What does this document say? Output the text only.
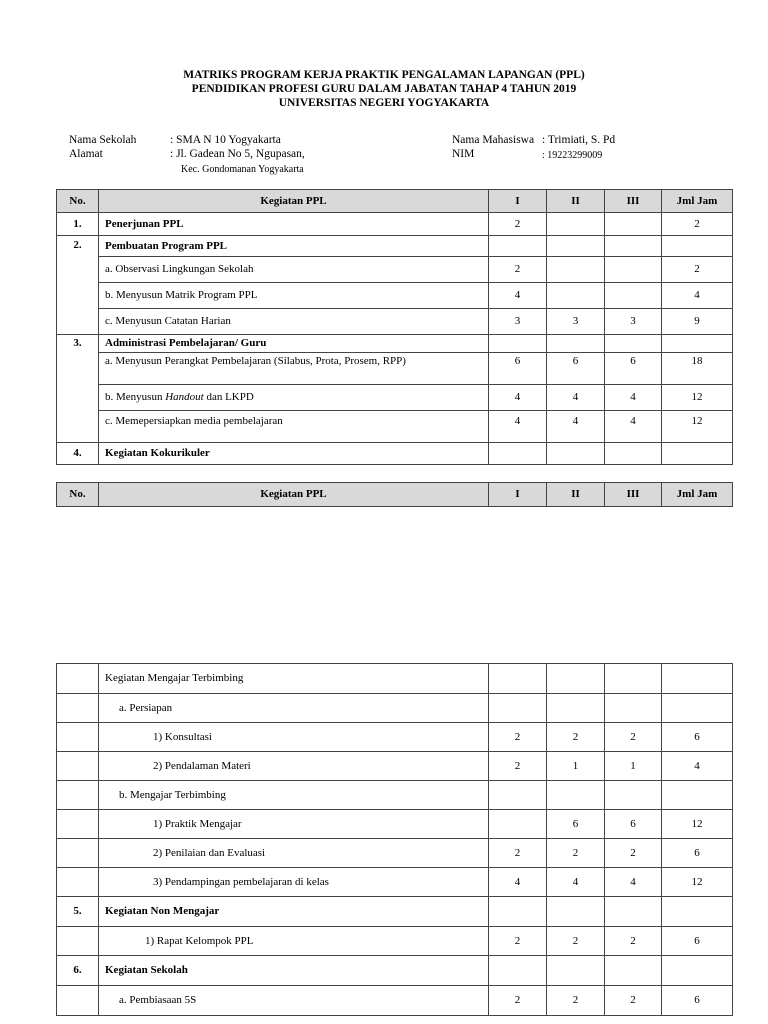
MATRIKS PROGRAM KERJA PRAKTIK PENGALAMAN LAPANGAN (PPL)
PENDIDIKAN PROFESI GURU DALAM JABATAN TAHAP 4 TAHUN 2019
UNIVERSITAS NEGERI YOGYAKARTA
Nama Sekolah	: SMA N 10 Yogyakarta
Alamat	: Jl. Gadean No 5, Ngupasan,
Kec. Gondomanan Yogyakarta
Nama Mahasiswa : Trimiati, S. Pd
NIM	: 19223299009
No.	Kegiatan PPL	I	II	III	Jml Jam
1.	Penerjunan PPL	2			2
2.	Pembuatan Program PPL				
	a. Observasi Lingkungan Sekolah	2			2
	b. Menyusun Matrik Program PPL	4			4
	c. Menyusun Catatan Harian	3	3	3	9
3.	Administrasi Pembelajaran/ Guru				
	a. Menyusun Perangkat Pembelajaran (Silabus, Prota, Prosem, RPP)	6	6	6	18
	b. Menyusun Handout dan LKPD	4	4	4	12
	c. Memepersiapkan media pembelajaran	4	4	4	12
4.	Kegiatan Kokurikuler				
No.	Kegiatan PPL	I	II	III	Jml Jam
	Kegiatan Mengajar Terbimbing				
	a. Persiapan				
	1) Konsultasi	2	2	2	6
	2) Pendalaman Materi	2	1	1	4
	b. Mengajar Terbimbing				
	1) Praktik Mengajar		6	6	12
	2) Penilaian dan Evaluasi	2	2	2	6
	3) Pendampingan pembelajaran di kelas	4	4	4	12
5.	Kegiatan Non Mengajar				
	1) Rapat Kelompok PPL	2	2	2	6
6.	Kegiatan Sekolah				
	a. Pembiasaan 5S	2	2	2	6
